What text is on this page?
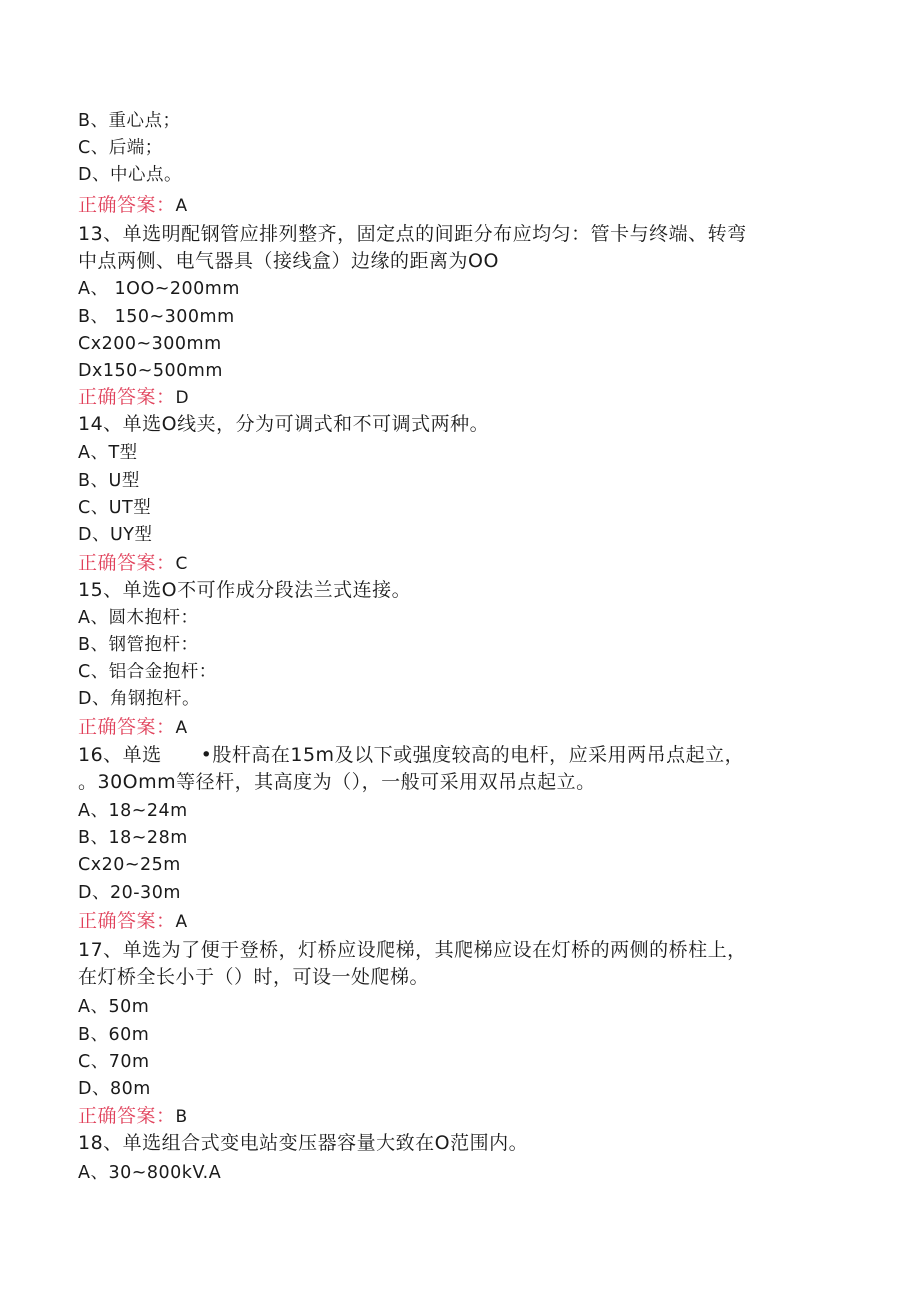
B、重心点；
C、后端；
D、中心点。
正确答案：A
13、单选明配钢管应排列整齐，固定点的间距分布应均匀：管卡与终端、转弯
中点两侧、电气器具（接线盒）边缘的距离为OO
A、 1OO~200mm
B、 150~300mm
Cx200~300mm
Dx150~500mm
正确答案：D
14、单选O线夹，分为可调式和不可调式两种。
A、T型
B、U型
C、UT型
D、UY型
正确答案：C
15、单选O不可作成分段法兰式连接。
A、圆木抱杆：
B、钢管抱杆：
C、铝合金抱杆：
D、角钢抱杆。
正确答案：A
16、单选　　•股杆高在15m及以下或强度较高的电杆，应采用两吊点起立，
。30Omm等径杆，其高度为（），一般可采用双吊点起立。
A、18~24m
B、18~28m
Cx20~25m
D、20-30m
正确答案：A
17、单选为了便于登桥，灯桥应设爬梯，其爬梯应设在灯桥的两侧的桥柱上，
在灯桥全长小于（）时，可设一处爬梯。
A、50m
B、60m
C、70m
D、80m
正确答案：B
18、单选组合式变电站变压器容量大致在O范围内。
A、30~800kV.A
